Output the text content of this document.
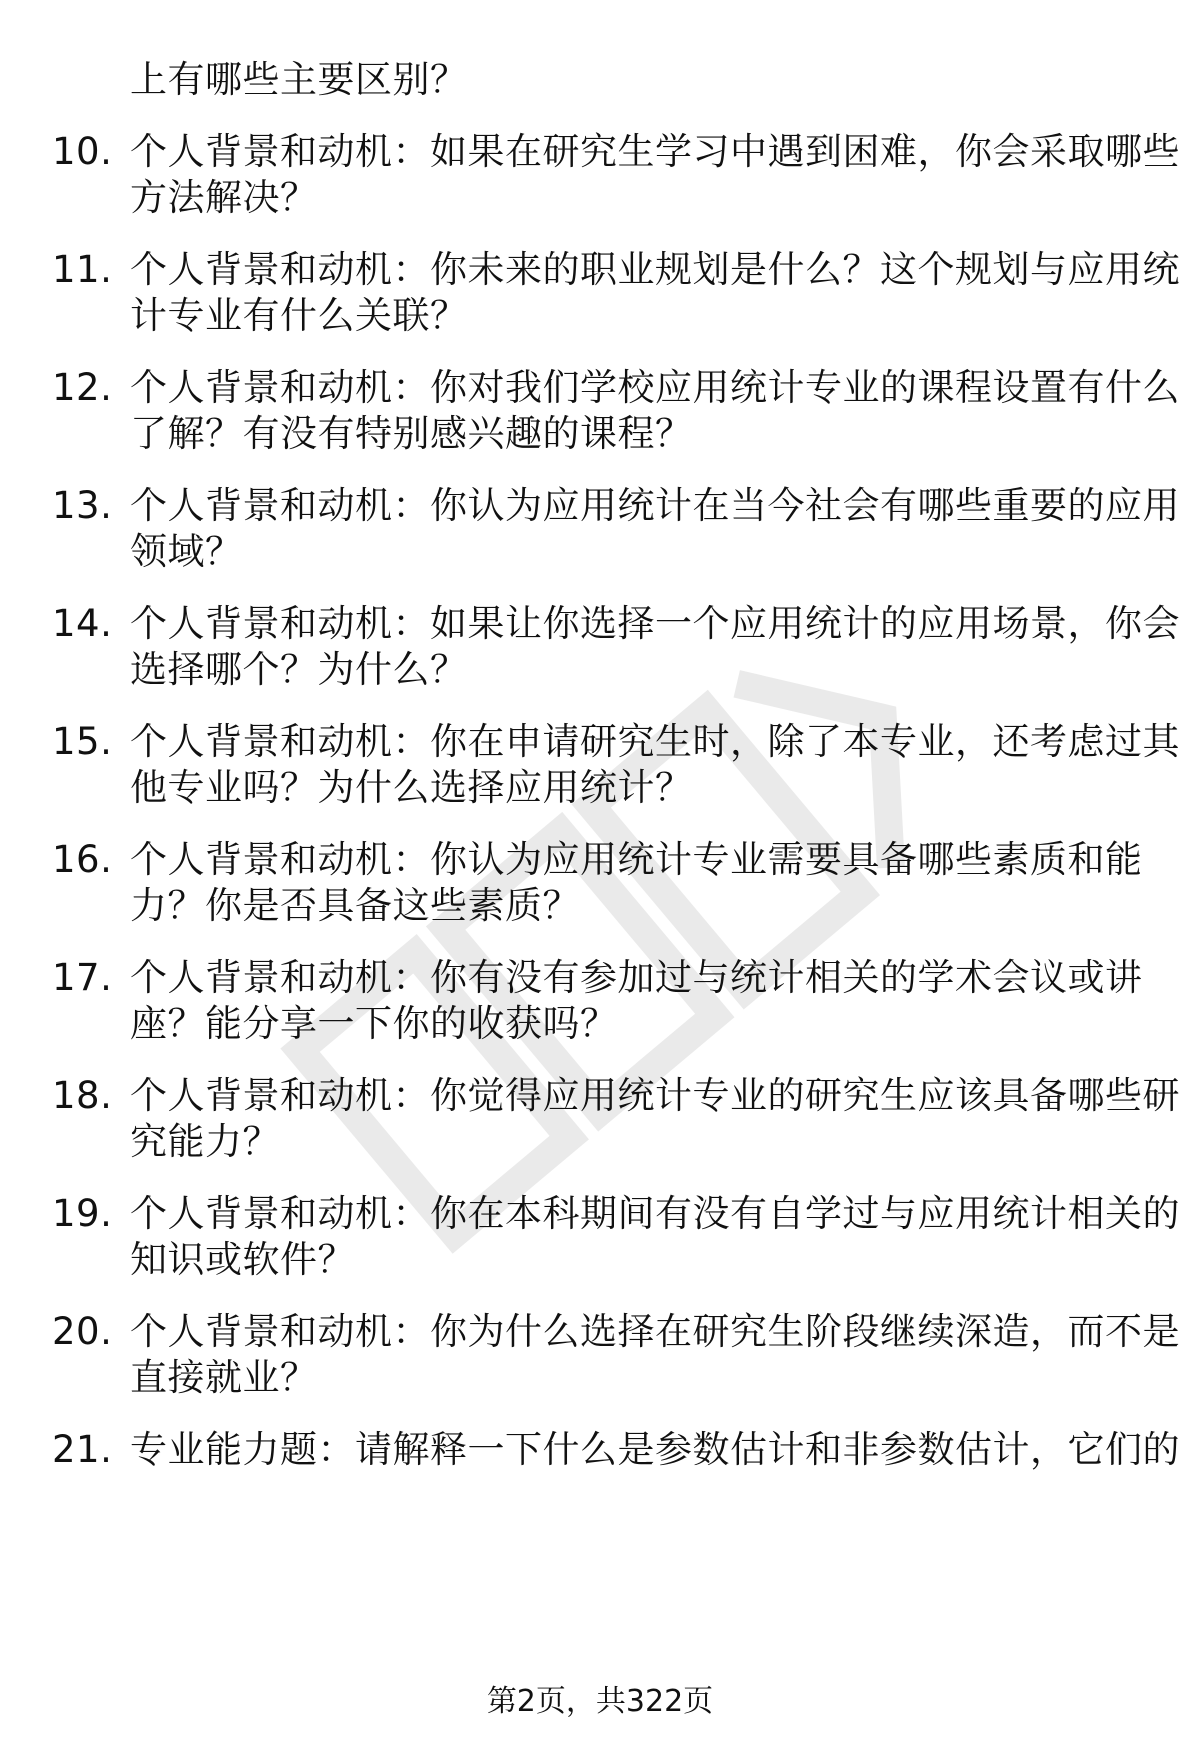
上有哪些主要区别？
10. 个人背景和动机：如果在研究生学习中遇到困难，你会采取哪些
方法解决？
11. 个人背景和动机：你未来的职业规划是什么？这个规划与应用统
计专业有什么关联？
12. 个人背景和动机：你对我们学校应用统计专业的课程设置有什么
了解？有没有特别感兴趣的课程？
13. 个人背景和动机：你认为应用统计在当今社会有哪些重要的应用
领域？
14. 个人背景和动机：如果让你选择一个应用统计的应用场景，你会
选择哪个？为什么？
15. 个人背景和动机：你在申请研究生时，除了本专业，还考虑过其
他专业吗？为什么选择应用统计？
16. 个人背景和动机：你认为应用统计专业需要具备哪些素质和能
力？你是否具备这些素质？
17. 个人背景和动机：你有没有参加过与统计相关的学术会议或讲
座？能分享一下你的收获吗？
18. 个人背景和动机：你觉得应用统计专业的研究生应该具备哪些研
究能力？
19. 个人背景和动机：你在本科期间有没有自学过与应用统计相关的
知识或软件？
20. 个人背景和动机：你为什么选择在研究生阶段继续深造，而不是
直接就业？
21. 专业能力题：请解释一下什么是参数估计和非参数估计，它们的
第2页，共322页
